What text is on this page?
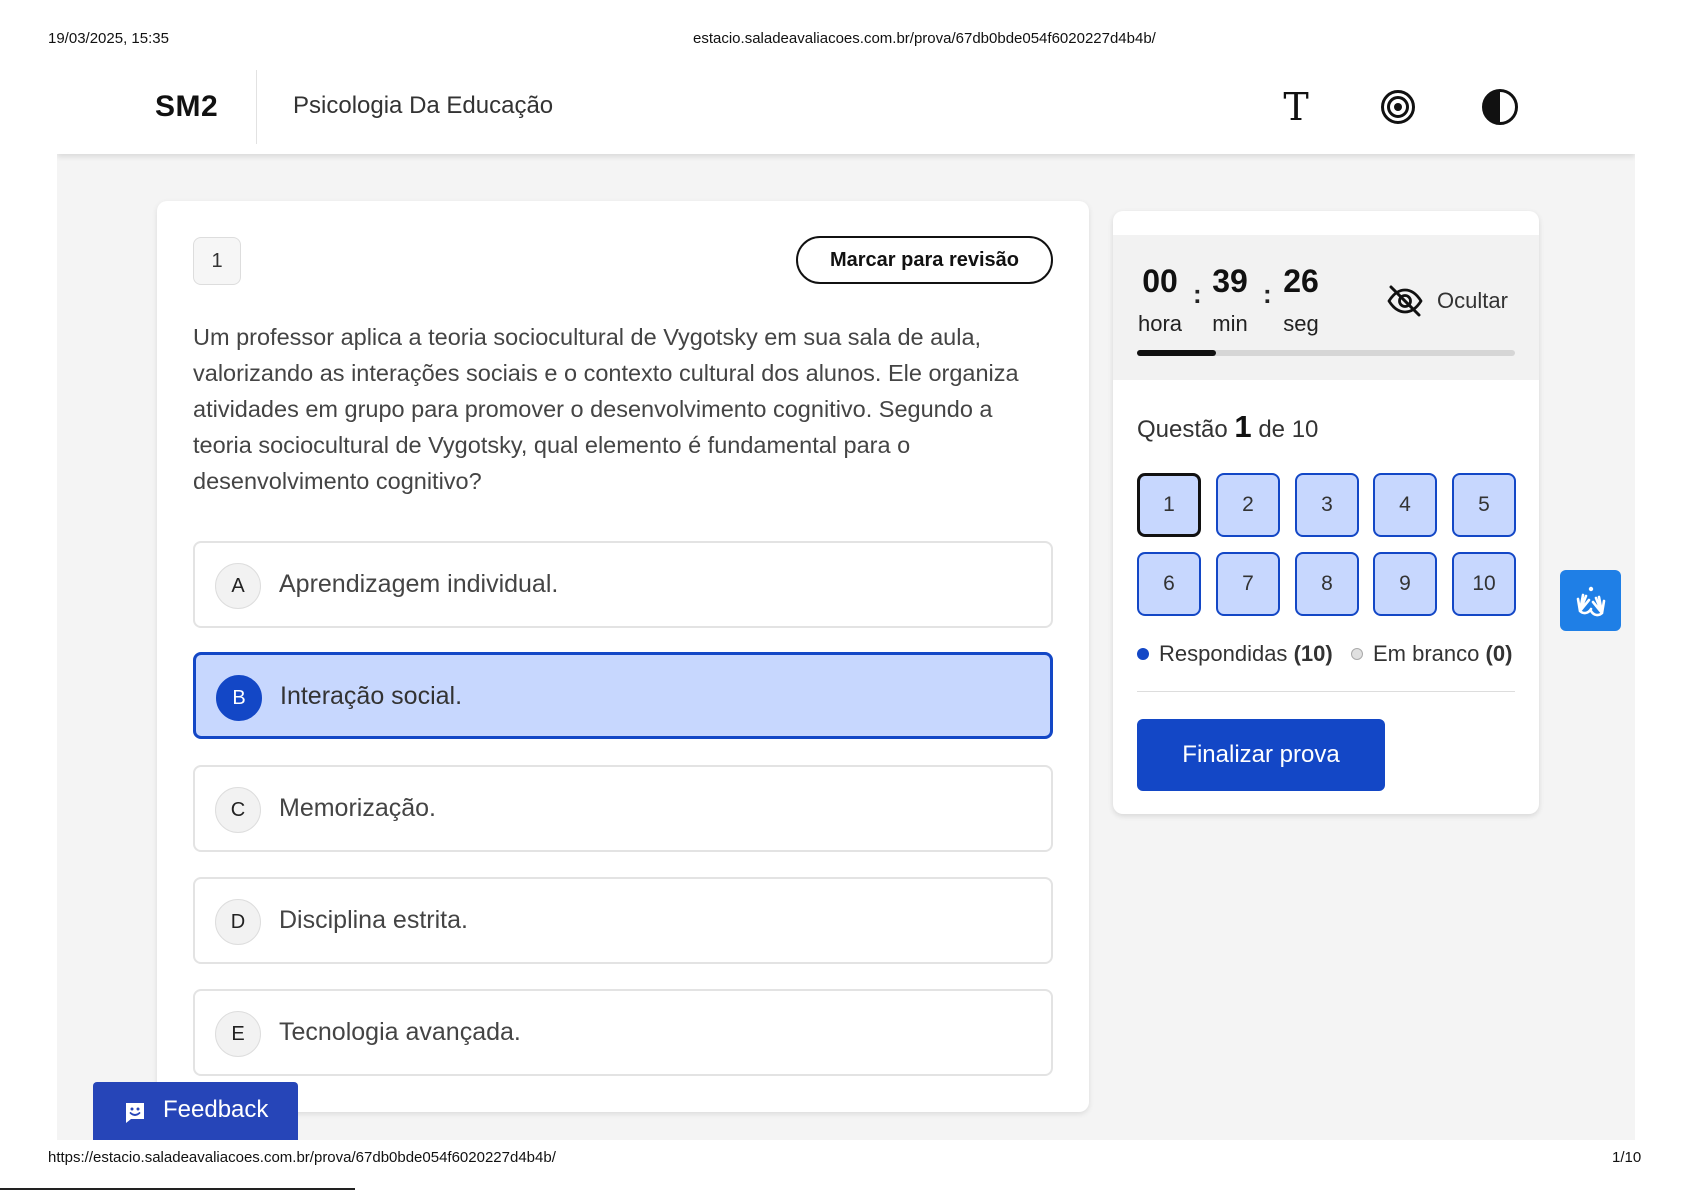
19/03/2025, 15:35	estacio.saladeavaliacoes.com.br/prova/67db0bde054f6020227d4b4b/
SM2	Psicologia Da Educação	T
1	Marcar para revisão
Um professor aplica a teoria sociocultural de Vygotsky em sua sala de aula, valorizando as interações sociais e o contexto cultural dos alunos. Ele organiza atividades em grupo para promover o desenvolvimento cognitivo. Segundo a teoria sociocultural de Vygotsky, qual elemento é fundamental para o desenvolvimento cognitivo?
A	Aprendizagem individual.
B	Interação social.
C	Memorização.
D	Disciplina estrita.
E	Tecnologia avançada.
00 : 39 : 26
hora	min	seg
Ocultar
Questão 1 de 10
1	2	3	4	5
6	7	8	9	10
Respondidas (10) Em branco (0)
Finalizar prova
Feedback
https://estacio.saladeavaliacoes.com.br/prova/67db0bde054f6020227d4b4b/	1/10
